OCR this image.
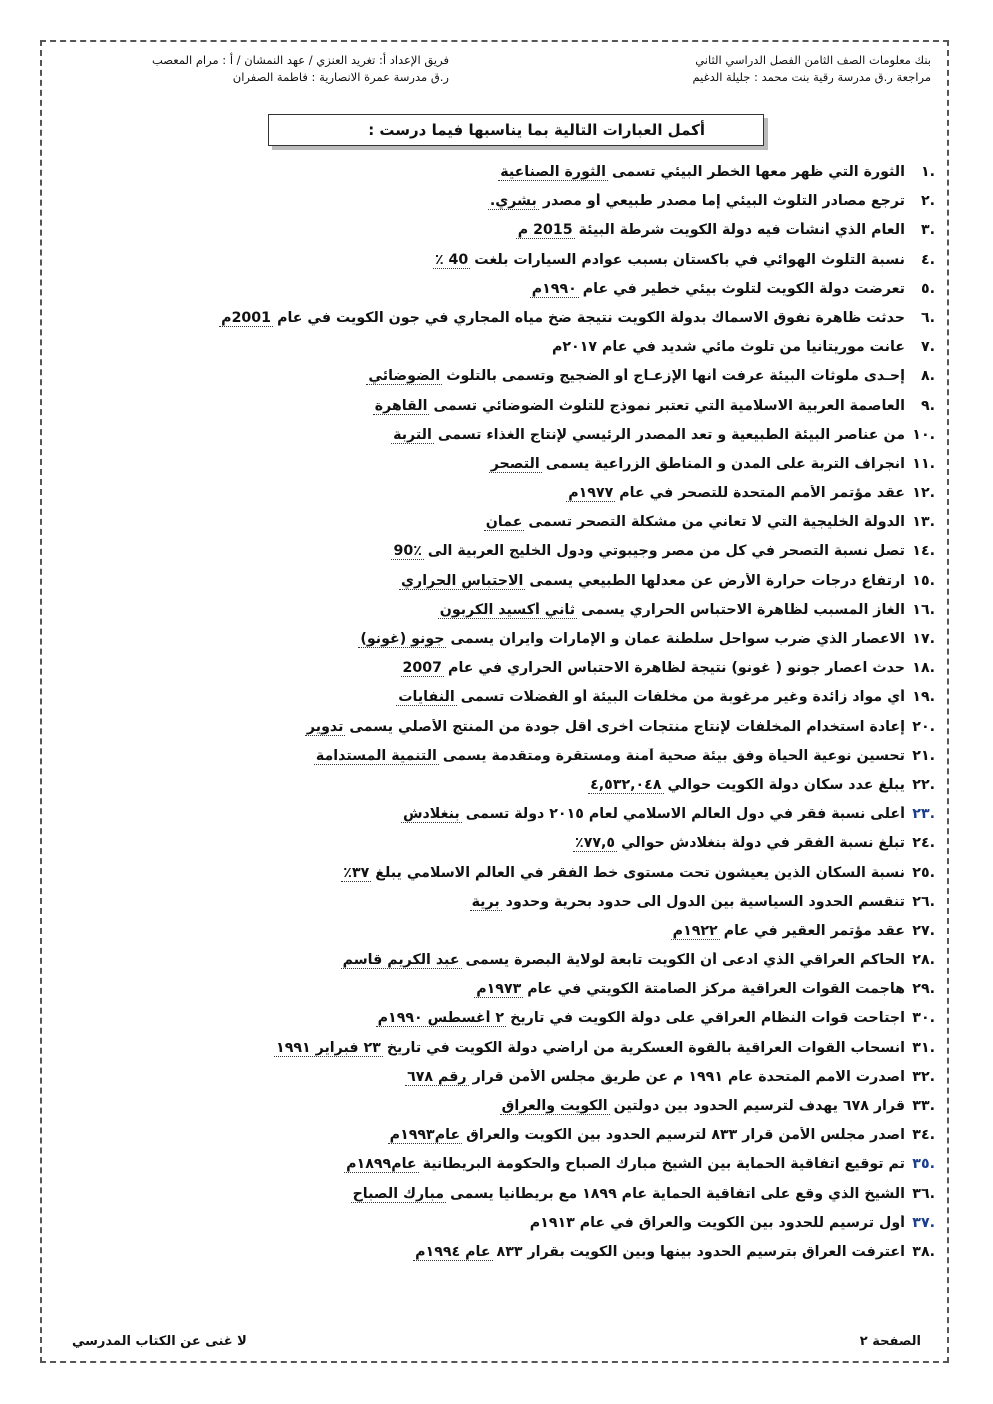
بنك معلومات الصف الثامن الفصل الدراسي الثاني
مراجعة ر.ق مدرسة رقية بنت محمد : جليلة الدغيم
فريق الإعداد أ: تغريد العنزي / عهد النمشان / أ : مرام المعصب
ر.ق مدرسة عمرة الانصارية : فاطمة الصفران
أكمل العبارات التالية بما يناسبها فيما درست :
.١
الثورة التي ظهر معها الخطر البيئي تسمى
الثورة الصناعية
.٢
ترجع مصادر التلوث البيئي إما مصدر طبيعي أو مصدر
بشري.
.٣
العام الذي أنشأت فيه دولة الكويت شرطة البيئة
2015 م
.٤
نسبة التلوث الهوائي في باكستان بسبب عوادم السيارات بلغت
40 ٪
.٥
تعرضت دولة الكويت لتلوث بيئي خطير في عام
١٩٩٠م
.٦
حدثت ظاهرة نفوق الاسماك بدولة الكويت نتيجة ضخ مياه المجاري في جون الكويت في عام
2001م
.٧
عانت موريتانيا من تلوث مائي شديد في عام ٢٠١٧م
.٨
إحـدى ملوثات البيئة عرفت أنها الإزعـاج أو الضجيج وتسمى بالتلوث
الضوضائي
.٩
العاصمة العربية الاسلامية التي تعتبر نموذج للتلوث الضوضائي تسمى
القاهرة
.١٠
من عناصر البيئة الطبيعية و تعد المصدر الرئيسي لإنتاج الغذاء تسمى
التربة
.١١
انجراف التربة على المدن و المناطق الزراعية يسمى
التصحر
.١٢
عقد مؤتمر الأمم المتحدة للتصحر في عام
١٩٧٧م
.١٣
الدولة الخليجية التي لا تعاني من مشكلة التصحر تسمى
عمان
.١٤
تصل نسبة التصحر في كل من مصر وجيبوتي ودول الخليج العربية الى
90٪
.١٥
ارتفاع درجات حرارة الأرض عن معدلها الطبيعي يسمى
الاحتباس الحراري
.١٦
الغاز المسبب لظاهرة الاحتباس الحراري يسمى
ثاني أكسيد الكربون
.١٧
الاعصار الذي ضرب سواحل سلطنة عمان و الإمارات وايران يسمى
جونو (غونو)
.١٨
حدث اعصار جونو ( غونو) نتيجة لظاهرة الاحتباس الحراري في عام
2007
.١٩
أي مواد زائدة وغير مرغوبة من مخلفات البيئة أو الفضلات تسمى
النفايات
.٢٠
إعادة استخدام المخلفات لإنتاج منتجات أخرى أقل جودة من المنتج الأصلي يسمى
تدوير
.٢١
تحسين نوعية الحياة وفق بيئة صحية آمنة ومستقرة ومتقدمة يسمى
التنمية المستدامة
.٢٢
يبلغ عدد سكان دولة الكويت حوالي
٤,٥٣٢,٠٤٨
.٢٣
أعلى نسبة فقر في دول العالم الاسلامي لعام ٢٠١٥ دولة تسمى
بنغلادش
.٢٤
تبلغ نسبة الفقر في دولة بنغلادش حوالي
٧٧,٥٪
.٢٥
نسبة السكان الذين يعيشون تحت مستوى خط الفقر في العالم الاسلامي يبلغ
٣٧٪
.٢٦
تنقسم الحدود السياسية بين الدول الى حدود بحرية وحدود
برية
.٢٧
عقد مؤتمر العقير في عام
١٩٢٢م
.٢٨
الحاكم العراقي الذي ادعى أن الكويت تابعة لولاية البصرة يسمى
عبد الكريم قاسم
.٢٩
هاجمت القوات العراقية مركز الصامتة الكويتي في عام
١٩٧٣م
.٣٠
اجتاحت قوات النظام العراقي على دولة الكويت في تاريخ
٢ أغسطس ١٩٩٠م
.٣١
انسحاب القوات العراقية بالقوة العسكرية من أراضي دولة الكويت في تاريخ
٢٣ فبراير ١٩٩١
.٣٢
اصدرت الامم المتحدة عام ١٩٩١ م عن طريق مجلس الأمن قرار
رقم ٦٧٨
.٣٣
قرار ٦٧٨ يهدف لترسيم الحدود بين دولتين
الكويت والعراق
.٣٤
اصدر مجلس الأمن قرار ٨٣٣ لترسيم الحدود بين الكويت والعراق
عام١٩٩٣م
.٣٥
تم توقيع اتفاقية الحماية بين الشيخ مبارك الصباح والحكومة البريطانية
عام١٨٩٩م
.٣٦
الشيخ الذي وقع على اتفاقية الحماية عام ١٨٩٩ مع بريطانيا يسمى
مبارك الصباح
.٣٧
أول ترسيم للحدود بين الكويت والعراق في عام ١٩١٣م
.٣٨
اعترفت العراق بترسيم الحدود بينها وبين الكويت بقرار ٨٣٣
عام ١٩٩٤م
الصفحة ٢
لا غنى عن الكتاب المدرسي
